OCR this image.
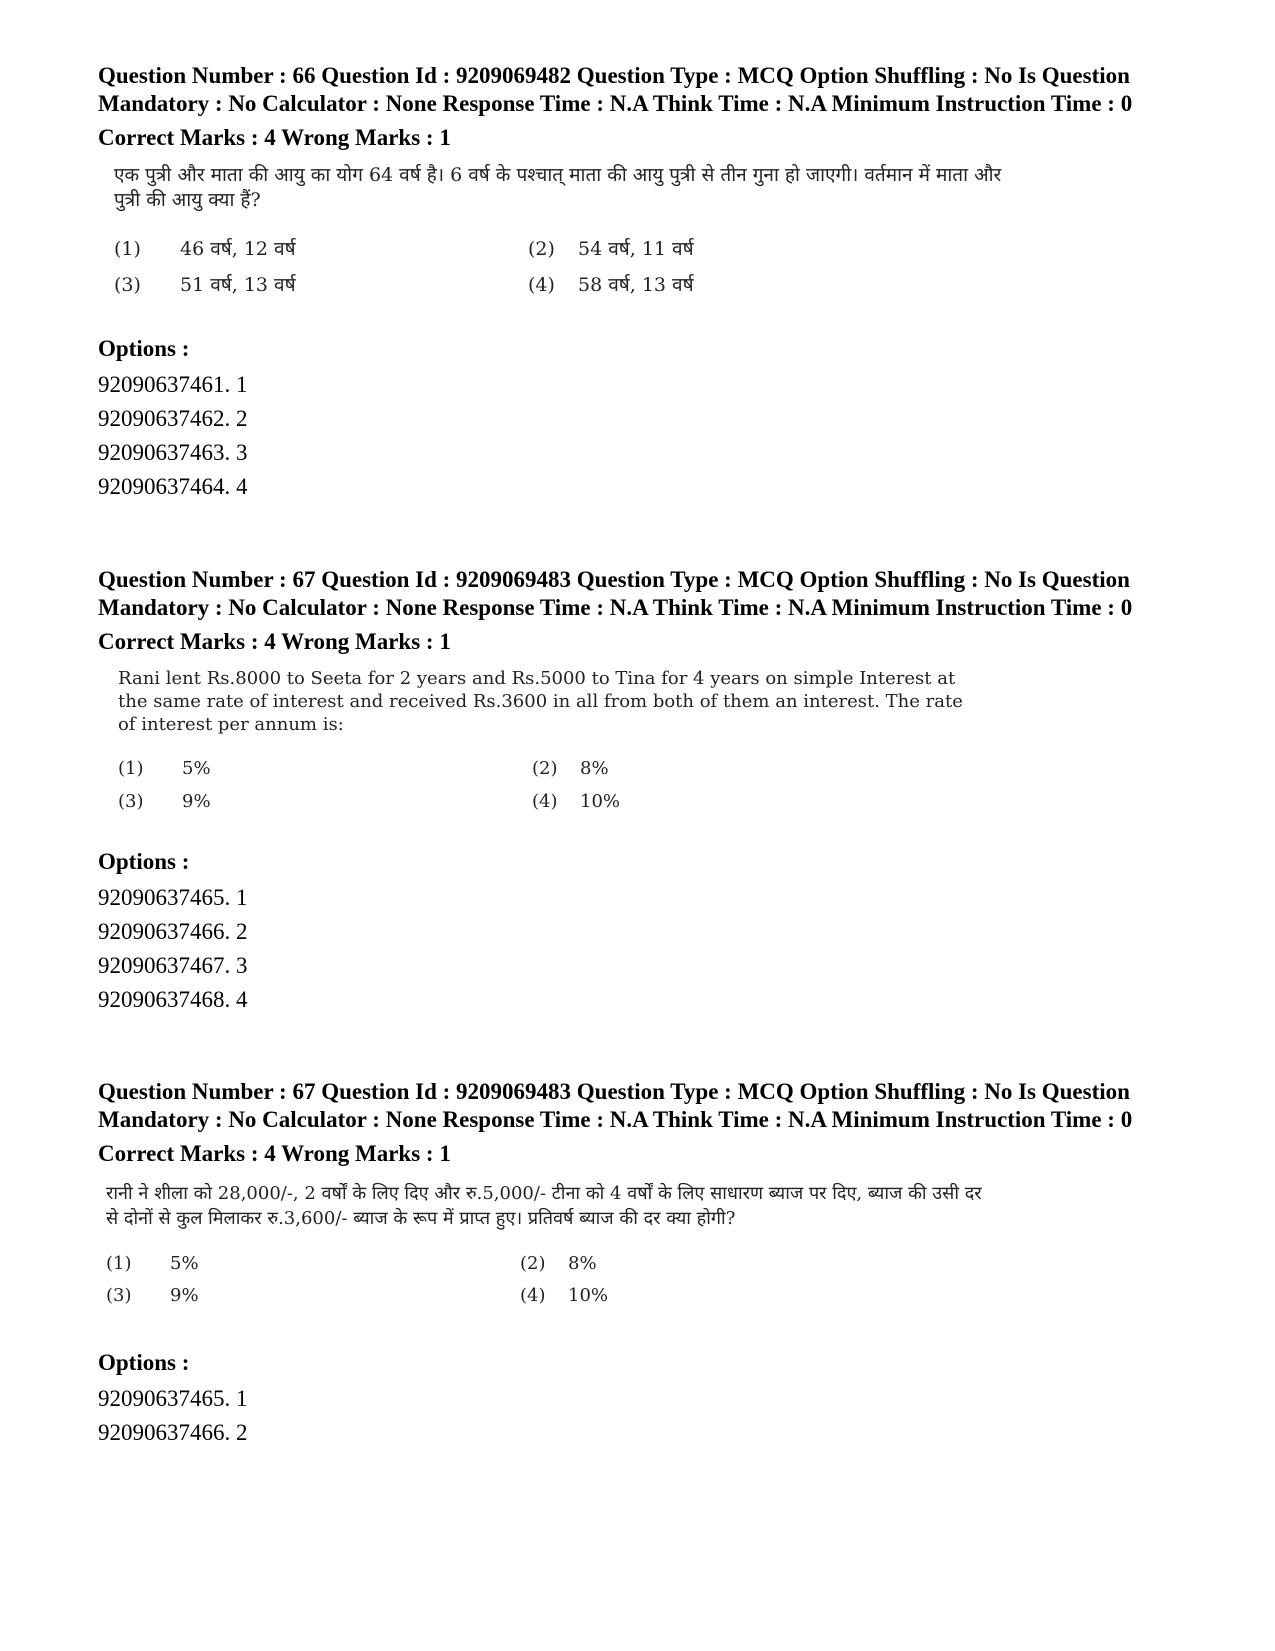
Question Number : 66 Question Id : 9209069482 Question Type : MCQ Option Shuffling : No Is Question Mandatory : No Calculator : None Response Time : N.A Think Time : N.A Minimum Instruction Time : 0

Correct Marks : 4 Wrong Marks : 1

एक पुत्री और माता की आयु का योग 64 वर्ष है। 6 वर्ष के पश्चात् माता की आयु पुत्री से तीन गुना हो जाएगी। वर्तमान में माता और पुत्री की आयु क्या हैं?

(1) 46 वर्ष, 12 वर्ष	(2) 54 वर्ष, 11 वर्ष
(3) 51 वर्ष, 13 वर्ष	(4) 58 वर्ष, 13 वर्ष
Options :
92090637461. 1
92090637462. 2
92090637463. 3
92090637464. 4

Question Number : 67 Question Id : 9209069483 Question Type : MCQ Option Shuffling : No Is Question Mandatory : No Calculator : None Response Time : N.A Think Time : N.A Minimum Instruction Time : 0

Correct Marks : 4 Wrong Marks : 1

Rani lent Rs.8000 to Seeta for 2 years and Rs.5000 to Tina for 4 years on simple Interest at the same rate of interest and received Rs.3600 in all from both of them an interest. The rate of interest per annum is:

(1) 5%	(2) 8%
(3) 9%	(4) 10%
Options :
92090637465. 1
92090637466. 2
92090637467. 3
92090637468. 4

Question Number : 67 Question Id : 9209069483 Question Type : MCQ Option Shuffling : No Is Question Mandatory : No Calculator : None Response Time : N.A Think Time : N.A Minimum Instruction Time : 0

Correct Marks : 4 Wrong Marks : 1

रानी ने शीला को 28,000/-, 2 वर्षों के लिए दिए और रु.5,000/- टीना को 4 वर्षों के लिए साधारण ब्याज पर दिए, ब्याज की उसी दर से दोनों से कुल मिलाकर रु.3,600/- ब्याज के रूप में प्राप्त हुए। प्रतिवर्ष ब्याज की दर क्या होगी?

(1) 5%	(2) 8%
(3) 9%	(4) 10%
Options :
92090637465. 1
92090637466. 2
